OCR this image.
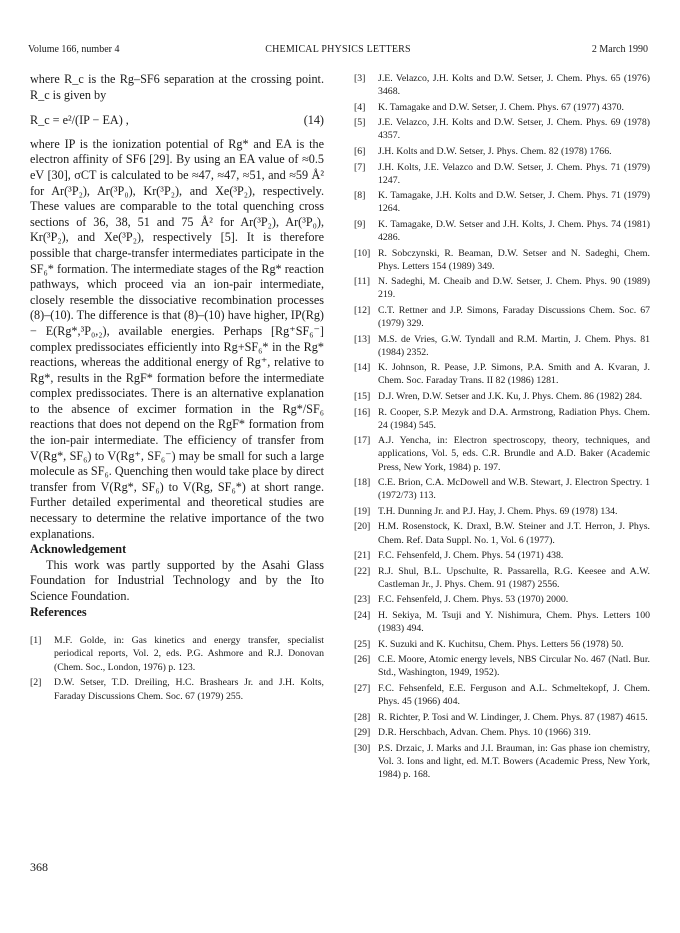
CHEMICAL PHYSICS LETTERS
Volume 166, number 4	2 March 1990

where R_c is the Rg–SF6 separation at the crossing point. R_c is given by

R_c = e²/(IP − EA) ,	(14)

where IP is the ionization potential of Rg* and EA is the electron affinity of SF6 [29]. By using an EA value of ≈0.5 eV [30], σCT is calculated to be ≈47, ≈47, ≈51, and ≈59 Å² for Ar(³P₂), Ar(³P₀), Kr(³P₂), and Xe(³P₂), respectively. These values are comparable to the total quenching cross sections of 36, 38, 51 and 75 Å² for Ar(³P₂), Ar(³P₀), Kr(³P₂), and Xe(³P₂), respectively [5]. It is therefore possible that charge-transfer intermediates participate in the SF₆* formation. The intermediate stages of the Rg* reaction pathways, which proceed via an ion-pair intermediate, closely resemble the dissociative recombination processes (8)–(10). The difference is that (8)–(10) have higher, IP(Rg) − E(Rg*,³P₀,₂), available energies. Perhaps [Rg⁺SF₆⁻] complex predissociates efficiently into Rg+SF₆* in the Rg* reactions, whereas the additional energy of Rg⁺, relative to Rg*, results in the RgF* formation before the intermediate complex predissociates. There is an alternative explanation to the absence of excimer formation in the Rg*/SF₆ reactions that does not depend on the RgF* formation from the ion-pair intermediate. The efficiency of transfer from V(Rg*, SF₆) to V(Rg⁺, SF₆⁻) may be small for such a large molecule as SF₆. Quenching then would take place by direct transfer from V(Rg*, SF₆) to V(Rg, SF₆*) at short range. Further detailed experimental and theoretical studies are necessary to determine the relative importance of the two explanations.

Acknowledgement

This work was partly supported by the Asahi Glass Foundation for Industrial Technology and by the Ito Science Foundation.

References

[1] M.F. Golde, in: Gas kinetics and energy transfer, specialist periodical reports, Vol. 2, eds. P.G. Ashmore and R.J. Donovan (Chem. Soc., London, 1976) p. 123.
[2] D.W. Setser, T.D. Dreiling, H.C. Brashears Jr. and J.H. Kolts, Faraday Discussions Chem. Soc. 67 (1979) 255.
[3] J.E. Velazco, J.H. Kolts and D.W. Setser, J. Chem. Phys. 65 (1976) 3468.
[4] K. Tamagake and D.W. Setser, J. Chem. Phys. 67 (1977) 4370.
[5] J.E. Velazco, J.H. Kolts and D.W. Setser, J. Chem. Phys. 69 (1978) 4357.
[6] J.H. Kolts and D.W. Setser, J. Phys. Chem. 82 (1978) 1766.
[7] J.H. Kolts, J.E. Velazco and D.W. Setser, J. Chem. Phys. 71 (1979) 1247.
[8] K. Tamagake, J.H. Kolts and D.W. Setser, J. Chem. Phys. 71 (1979) 1264.
[9] K. Tamagake, D.W. Setser and J.H. Kolts, J. Chem. Phys. 74 (1981) 4286.
[10] R. Sobczynski, R. Beaman, D.W. Setser and N. Sadeghi, Chem. Phys. Letters 154 (1989) 349.
[11] N. Sadeghi, M. Cheaib and D.W. Setser, J. Chem. Phys. 90 (1989) 219.
[12] C.T. Rettner and J.P. Simons, Faraday Discussions Chem. Soc. 67 (1979) 329.
[13] M.S. de Vries, G.W. Tyndall and R.M. Martin, J. Chem. Phys. 81 (1984) 2352.
[14] K. Johnson, R. Pease, J.P. Simons, P.A. Smith and A. Kvaran, J. Chem. Soc. Faraday Trans. II 82 (1986) 1281.
[15] D.J. Wren, D.W. Setser and J.K. Ku, J. Phys. Chem. 86 (1982) 284.
[16] R. Cooper, S.P. Mezyk and D.A. Armstrong, Radiation Phys. Chem. 24 (1984) 545.
[17] A.J. Yencha, in: Electron spectroscopy, theory, techniques, and applications, Vol. 5, eds. C.R. Brundle and A.D. Baker (Academic Press, New York, 1984) p. 197.
[18] C.E. Brion, C.A. McDowell and W.B. Stewart, J. Electron Spectry. 1 (1972/73) 113.
[19] T.H. Dunning Jr. and P.J. Hay, J. Chem. Phys. 69 (1978) 134.
[20] H.M. Rosenstock, K. Draxl, B.W. Steiner and J.T. Herron, J. Phys. Chem. Ref. Data Suppl. No. 1, Vol. 6 (1977).
[21] F.C. Fehsenfeld, J. Chem. Phys. 54 (1971) 438.
[22] R.J. Shul, B.L. Upschulte, R. Passarella, R.G. Keesee and A.W. Castleman Jr., J. Phys. Chem. 91 (1987) 2556.
[23] F.C. Fehsenfeld, J. Chem. Phys. 53 (1970) 2000.
[24] H. Sekiya, M. Tsuji and Y. Nishimura, Chem. Phys. Letters 100 (1983) 494.
[25] K. Suzuki and K. Kuchitsu, Chem. Phys. Letters 56 (1978) 50.
[26] C.E. Moore, Atomic energy levels, NBS Circular No. 467 (Natl. Bur. Std., Washington, 1949, 1952).
[27] F.C. Fehsenfeld, E.E. Ferguson and A.L. Schmeltekopf, J. Chem. Phys. 45 (1966) 404.
[28] R. Richter, P. Tosi and W. Lindinger, J. Chem. Phys. 87 (1987) 4615.
[29] D.R. Herschbach, Advan. Chem. Phys. 10 (1966) 319.
[30] P.S. Drzaic, J. Marks and J.I. Brauman, in: Gas phase ion chemistry, Vol. 3. Ions and light, ed. M.T. Bowers (Academic Press, New York, 1984) p. 168.
368
